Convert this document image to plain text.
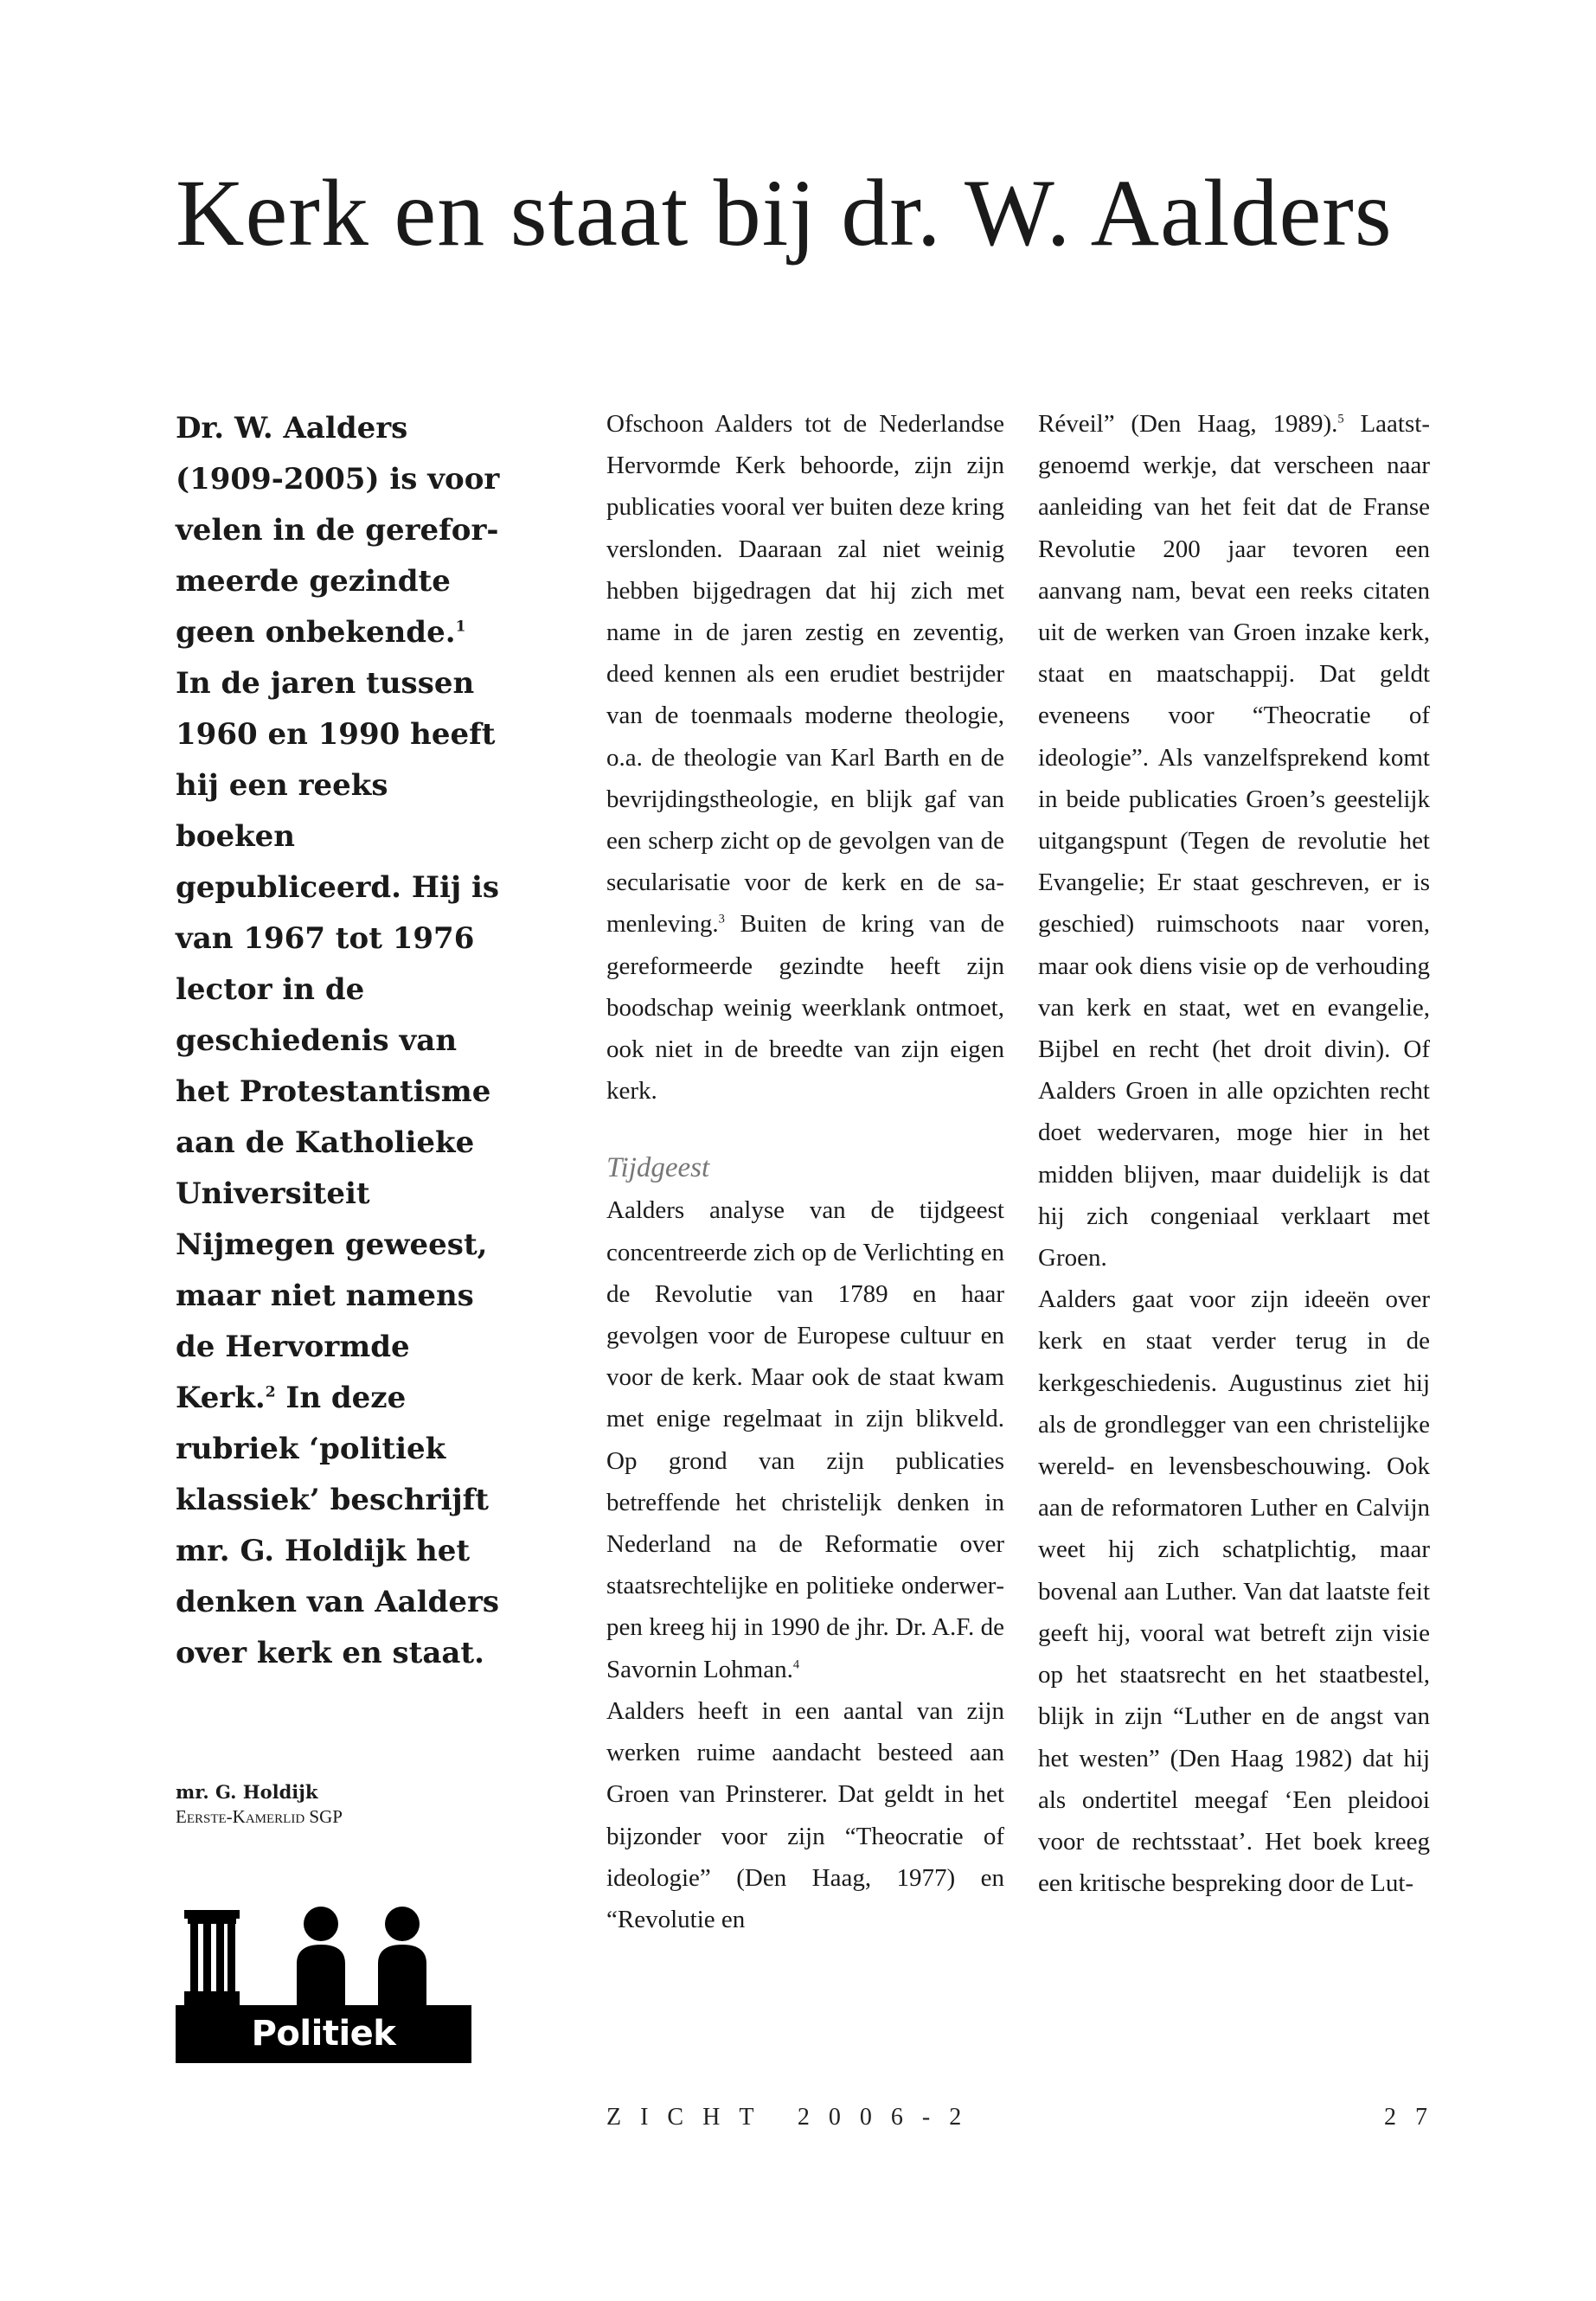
Kerk en staat bij dr. W. Aalders

Dr. W. Aalders (1909-2005) is voor velen in de gereformeerde gezindte geen onbekende.$^1$ In de jaren tussen 1960 en 1990 heeft hij een reeks boeken gepubliceerd. Hij is van 1967 tot 1976 lector in de geschiedenis van het Protestantisme aan de Katholieke Universiteit Nijmegen geweest, maar niet namens de Hervormde Kerk.$^2$ In deze rubriek ‘politiek klassiek’ beschrijft mr. G. Holdijk het denken van Aalders over kerk en staat.

mr. G. Holdijk
Eerste-Kamerlid SGP
Politiek klassiek

Ofschoon Aalders tot de Nederlandse Hervormde Kerk behoorde, zijn zijn publicaties vooral ver buiten deze kring verslonden. Daaraan zal niet weinig hebben bijgedragen dat hij zich met name in de jaren zestig en zeventig, deed kennen als een erudiet bestrijder van de toenmaals moderne theologie, o.a. de theologie van Karl Barth en de bevrijdingstheologie, en blijk gaf van een scherp zicht op de gevolgen van de secularisatie voor de kerk en de samenleving.$^3$ Buiten de kring van de gereformeerde gezindte heeft zijn boodschap weinig weerklank ontmoet, ook niet in de breedte van zijn eigen kerk.

Tijdgeest

Aalders analyse van de tijdgeest concentreerde zich op de Verlichting en de Revolutie van 1789 en haar gevolgen voor de Europese cultuur en voor de kerk. Maar ook de staat kwam met enige regelmaat in zijn blikveld. Op grond van zijn publicaties betreffende het christelijk denken in Nederland na de Reformatie over staatsrechtelijke en politieke onderwerpen kreeg hij in 1990 de jhr. Dr. A.F. de Savornin Lohman.$^4$

Aalders heeft in een aantal van zijn werken ruime aandacht besteed aan Groen van Prinsterer. Dat geldt in het bijzonder voor zijn “Theocratie of ideologie” (Den Haag, 1977) en “Revolutie en

Réveil” (Den Haag, 1989).$^5$ Laatstgenoemd werkje, dat verscheen naar aanleiding van het feit dat de Franse Revolutie 200 jaar tevoren een aanvang nam, bevat een reeks citaten uit de werken van Groen inzake kerk, staat en maatschappij. Dat geldt eveneens voor “Theocratie of ideologie”. Als vanzelfsprekend komt in beide publicaties Groen’s geestelijk uitgangspunt (Tegen de revolutie het Evangelie; Er staat geschreven, er is geschied) ruimschoots naar voren, maar ook diens visie op de verhouding van kerk en staat, wet en evangelie, Bijbel en recht (het droit divin). Of Aalders Groen in alle opzichten recht doet wedervaren, moge hier in het midden blijven, maar duidelijk is dat hij zich congeniaal verklaart met Groen.

Aalders gaat voor zijn ideeën over kerk en staat verder terug in de kerkgeschiedenis. Augustinus ziet hij als de grondlegger van een christelijke wereld- en levensbeschouwing. Ook aan de reformatoren Luther en Calvijn weet hij zich schatplichtig, maar bovenal aan Luther. Van dat laatste feit geeft hij, vooral wat betreft zijn visie op het staatsrecht en het staatbestel, blijk in zijn “Luther en de angst van het westen” (Den Haag 1982) dat hij als ondertitel meegaf ‘Een pleidooi voor de rechtsstaat’. Het boek kreeg een kritische bespreking door de Lut-

ZICHT 2006-2	27
